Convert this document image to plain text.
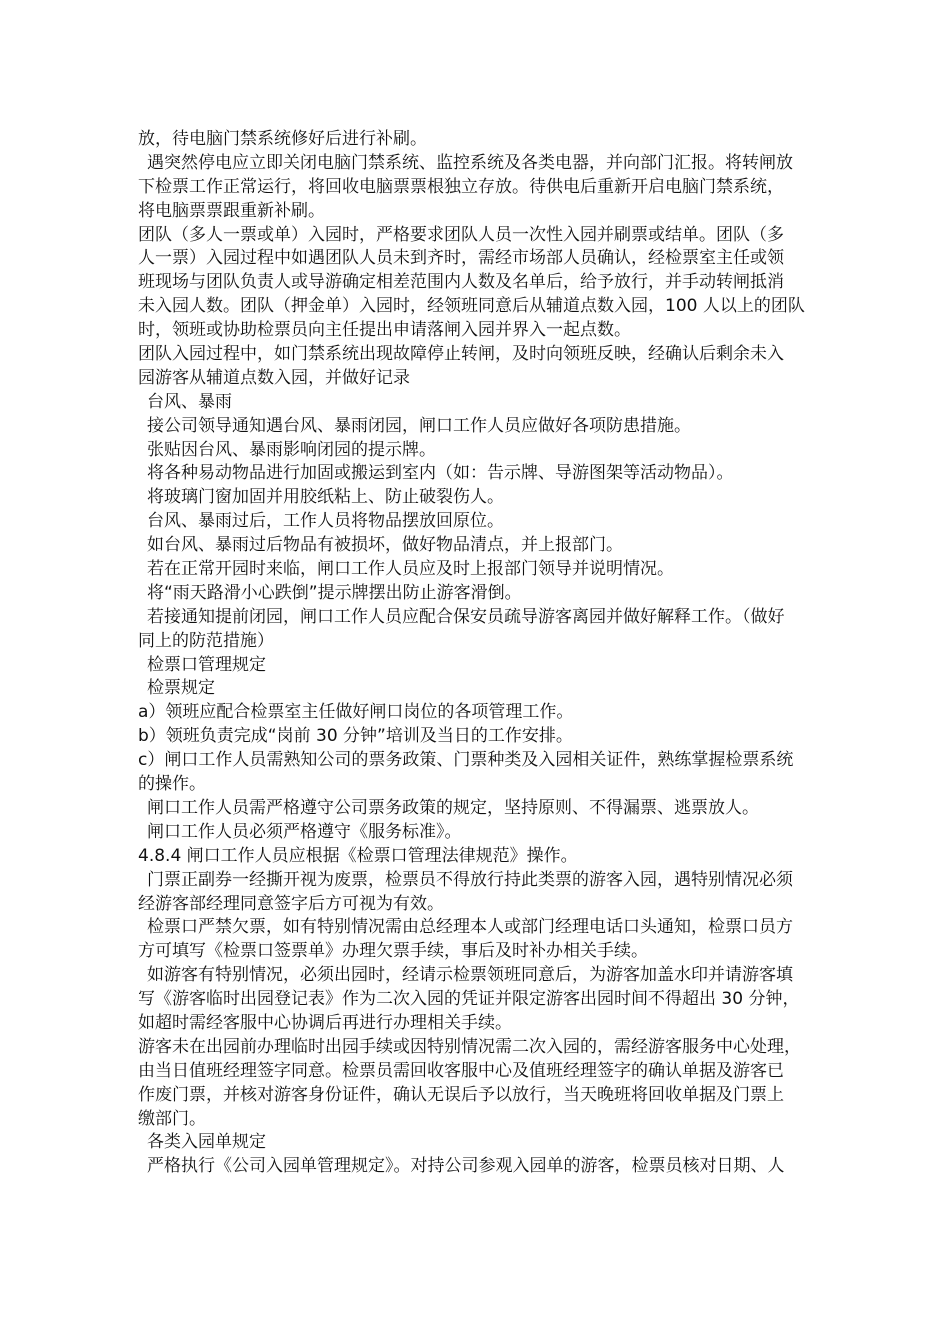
放，待电脑门禁系统修好后进行补刷。
遇突然停电应立即关闭电脑门禁系统、监控系统及各类电器，并向部门汇报。将转闸放
下检票工作正常运行，将回收电脑票票根独立存放。待供电后重新开启电脑门禁系统，
将电脑票票跟重新补刷。
团队（多人一票或单）入园时，严格要求团队人员一次性入园并刷票或结单。团队（多
人一票）入园过程中如遇团队人员未到齐时，需经市场部人员确认，经检票室主任或领
班现场与团队负责人或导游确定相差范围内人数及名单后，给予放行，并手动转闸抵消
未入园人数。团队（押金单）入园时，经领班同意后从辅道点数入园，100 人以上的团队
时，领班或协助检票员向主任提出申请落闸入园并界入一起点数。
团队入园过程中，如门禁系统出现故障停止转闸，及时向领班反映，经确认后剩余未入
园游客从辅道点数入园，并做好记录
台风、暴雨
接公司领导通知遇台风、暴雨闭园，闸口工作人员应做好各项防患措施。
张贴因台风、暴雨影响闭园的提示牌。
将各种易动物品进行加固或搬运到室内（如：告示牌、导游图架等活动物品）。
将玻璃门窗加固并用胶纸粘上、防止破裂伤人。
台风、暴雨过后，工作人员将物品摆放回原位。
如台风、暴雨过后物品有被损坏，做好物品清点，并上报部门。
若在正常开园时来临，闸口工作人员应及时上报部门领导并说明情况。
将“雨天路滑小心跌倒”提示牌摆出防止游客滑倒。
若接通知提前闭园，闸口工作人员应配合保安员疏导游客离园并做好解释工作。（做好
同上的防范措施）
检票口管理规定
检票规定
a）领班应配合检票室主任做好闸口岗位的各项管理工作。
b）领班负责完成“岗前 30 分钟”培训及当日的工作安排。
c）闸口工作人员需熟知公司的票务政策、门票种类及入园相关证件，熟练掌握检票系统
的操作。
闸口工作人员需严格遵守公司票务政策的规定，坚持原则、不得漏票、逃票放人。
闸口工作人员必须严格遵守《服务标准》。
4.8.4 闸口工作人员应根据《检票口管理法律规范》操作。
门票正副券一经撕开视为废票，检票员不得放行持此类票的游客入园，遇特别情况必须
经游客部经理同意签字后方可视为有效。
检票口严禁欠票，如有特别情况需由总经理本人或部门经理电话口头通知，检票口员方
方可填写《检票口签票单》办理欠票手续，事后及时补办相关手续。
如游客有特别情况，必须出园时，经请示检票领班同意后，为游客加盖水印并请游客填
写《游客临时出园登记表》作为二次入园的凭证并限定游客出园时间不得超出 30 分钟，
如超时需经客服中心协调后再进行办理相关手续。
游客未在出园前办理临时出园手续或因特别情况需二次入园的，需经游客服务中心处理，
由当日值班经理签字同意。检票员需回收客服中心及值班经理签字的确认单据及游客已
作废门票，并核对游客身份证件，确认无误后予以放行，当天晚班将回收单据及门票上
缴部门。
各类入园单规定
严格执行《公司入园单管理规定》。对持公司参观入园单的游客，检票员核对日期、人
